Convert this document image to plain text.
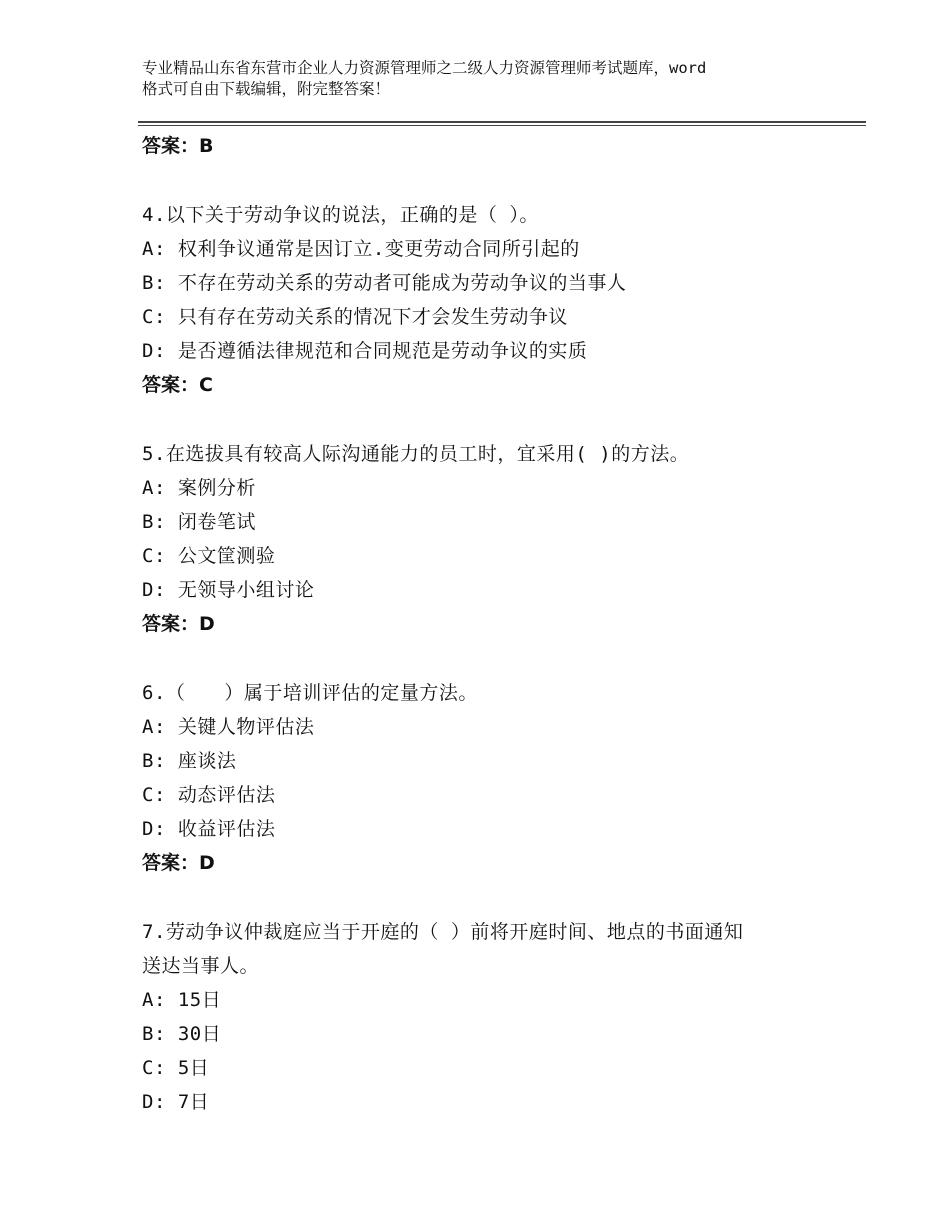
专业精品山东省东营市企业人力资源管理师之二级人力资源管理师考试题库，word
格式可自由下载编辑，附完整答案！
答案：B
4.以下关于劳动争议的说法，正确的是（ ）。
A: 权利争议通常是因订立.变更劳动合同所引起的
B: 不存在劳动关系的劳动者可能成为劳动争议的当事人
C: 只有存在劳动关系的情况下才会发生劳动争议
D: 是否遵循法律规范和合同规范是劳动争议的实质
答案：C
5.在选拔具有较高人际沟通能力的员工时，宜采用( )的方法。
A: 案例分析
B: 闭卷笔试
C: 公文筐测验
D: 无领导小组讨论
答案：D
6.（　　）属于培训评估的定量方法。
A: 关键人物评估法
B: 座谈法
C: 动态评估法
D: 收益评估法
答案：D
7.劳动争议仲裁庭应当于开庭的（ ）前将开庭时间、地点的书面通知
送达当事人。
A: 15日
B: 30日
C: 5日
D: 7日
